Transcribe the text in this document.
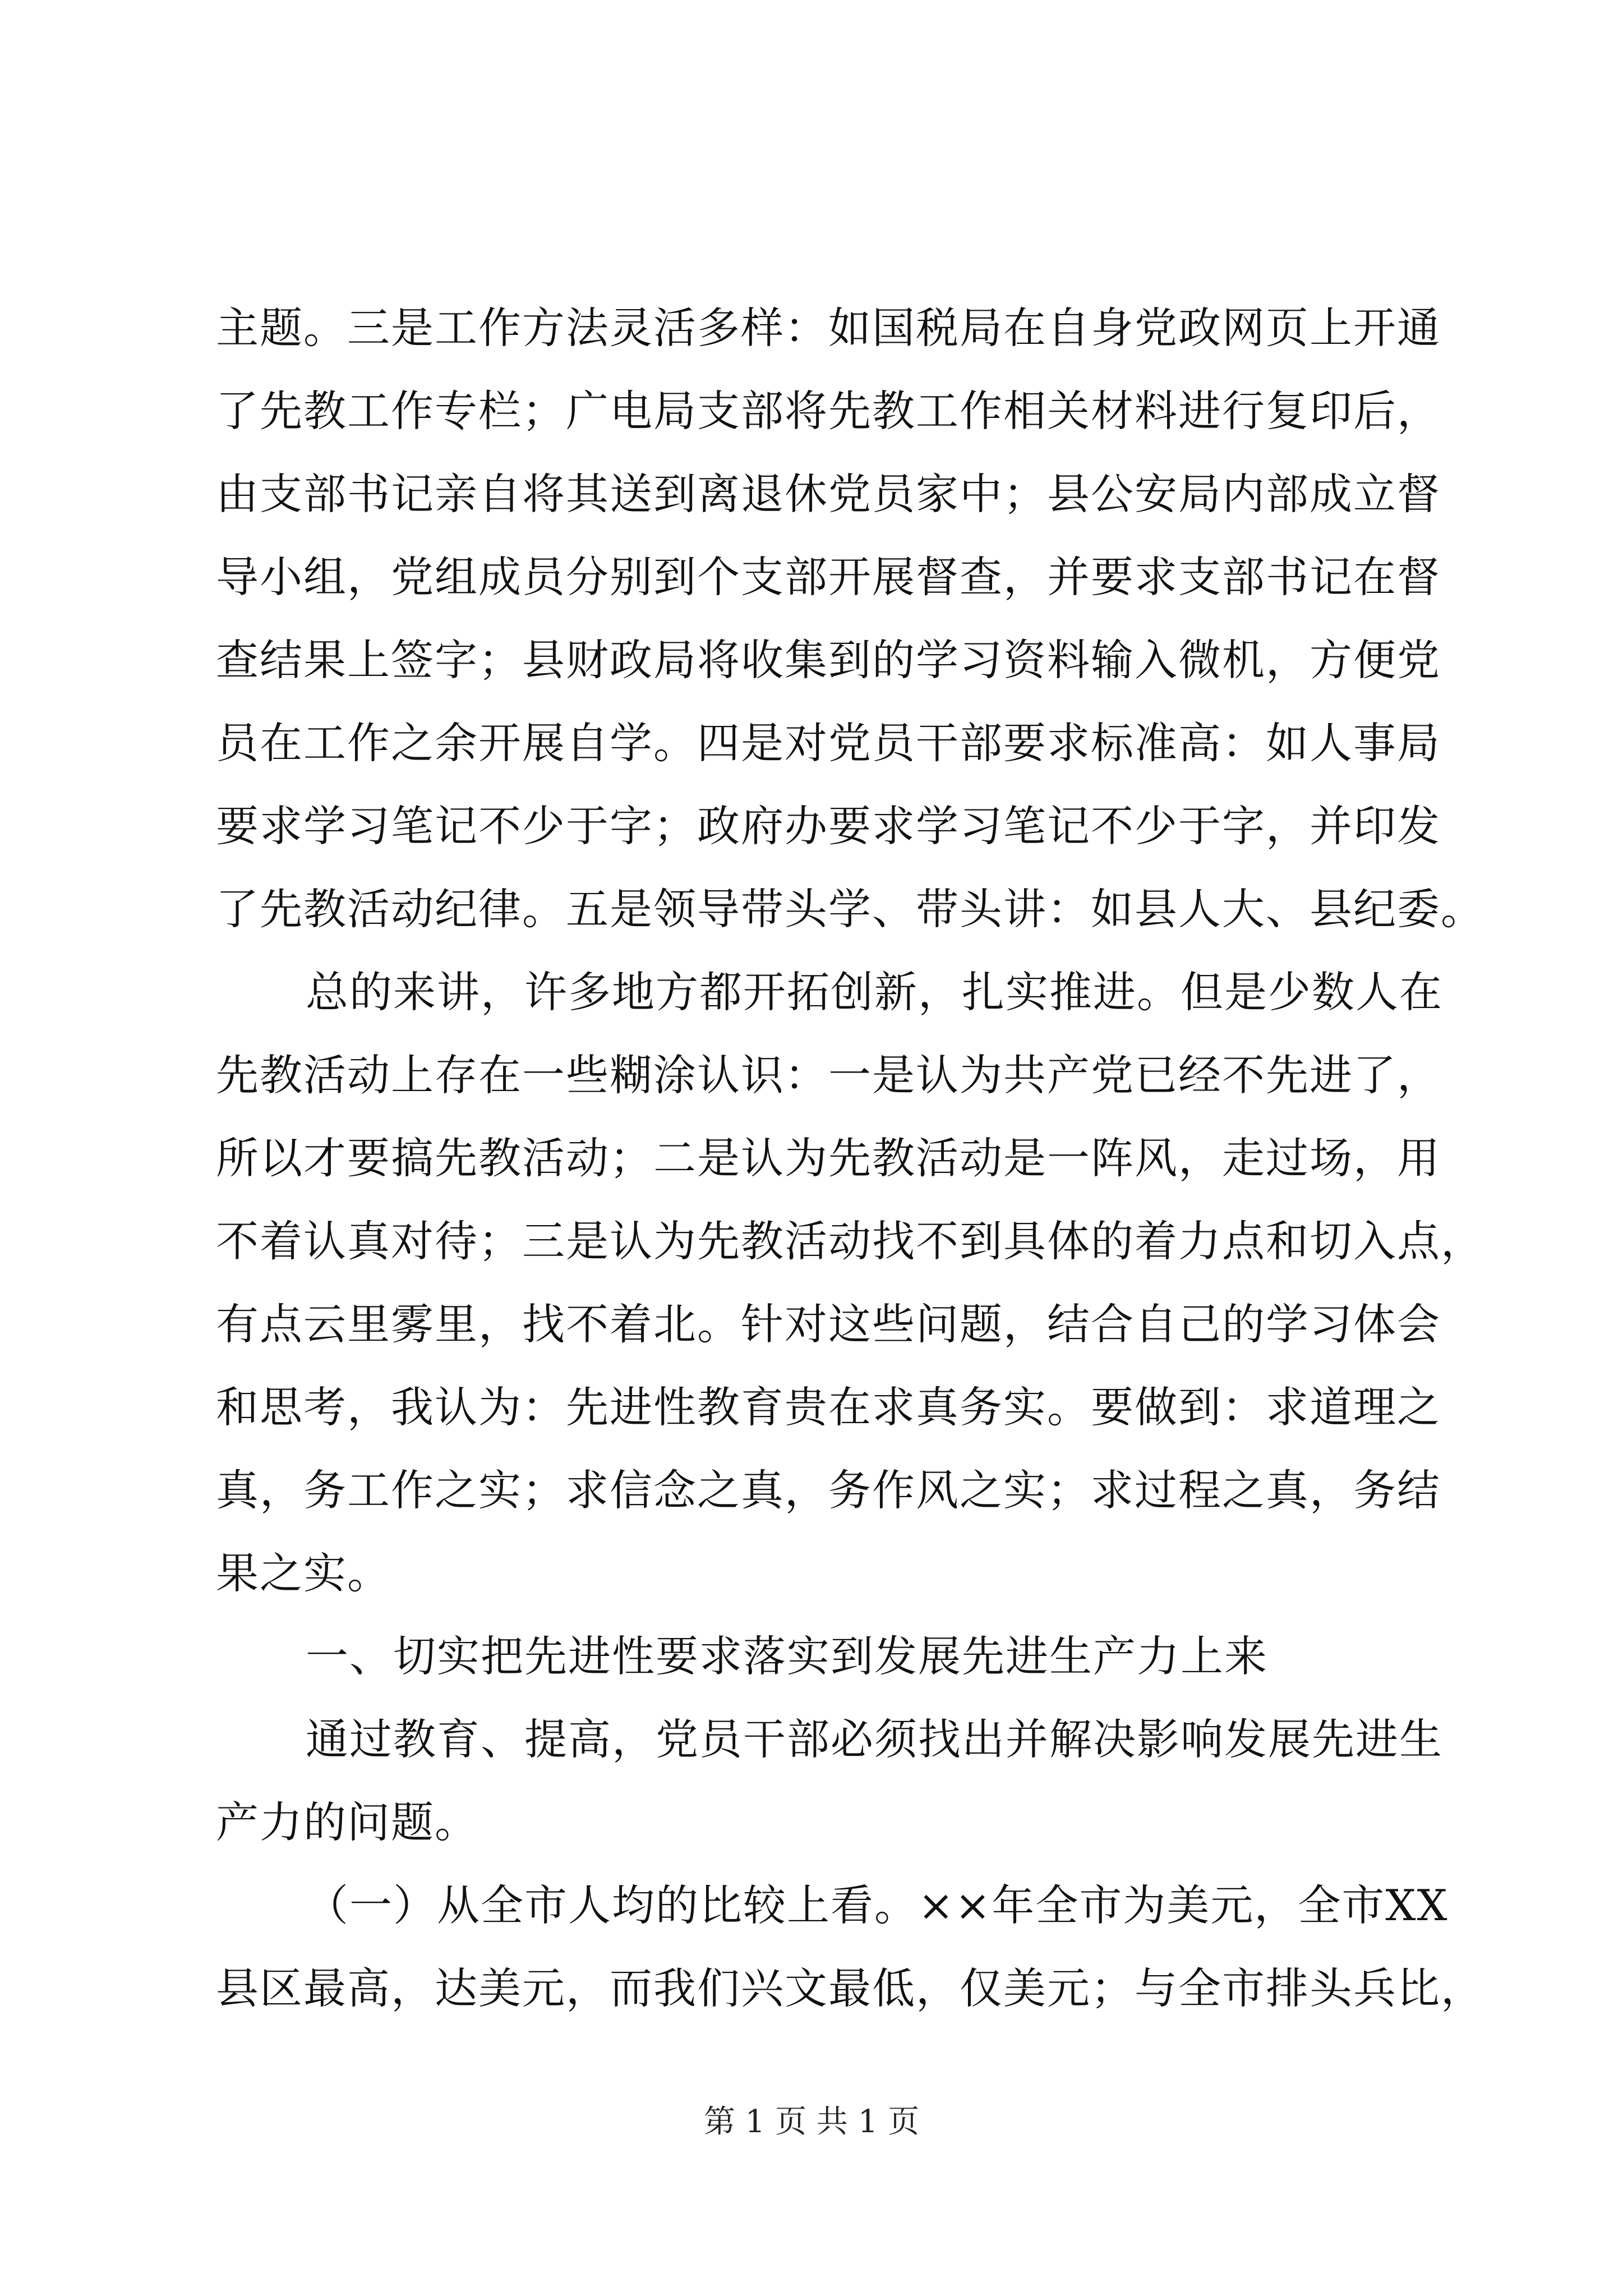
主题。三是工作方法灵活多样：如国税局在自身党政网页上开通
了先教工作专栏；广电局支部将先教工作相关材料进行复印后，
由支部书记亲自将其送到离退休党员家中；县公安局内部成立督
导小组，党组成员分别到个支部开展督查，并要求支部书记在督
查结果上签字；县财政局将收集到的学习资料输入微机，方便党
员在工作之余开展自学。四是对党员干部要求标准高：如人事局
要求学习笔记不少于字；政府办要求学习笔记不少于字，并印发
了先教活动纪律。五是领导带头学、带头讲：如县人大、县纪委。
总的来讲，许多地方都开拓创新，扎实推进。但是少数人在
先教活动上存在一些糊涂认识：一是认为共产党已经不先进了，
所以才要搞先教活动；二是认为先教活动是一阵风，走过场，用
不着认真对待；三是认为先教活动找不到具体的着力点和切入点，
有点云里雾里，找不着北。针对这些问题，结合自己的学习体会
和思考，我认为：先进性教育贵在求真务实。要做到：求道理之
真，务工作之实；求信念之真，务作风之实；求过程之真，务结
果之实。
一、切实把先进性要求落实到发展先进生产力上来
通过教育、提高，党员干部必须找出并解决影响发展先进生
产力的问题。
（一）从全市人均的比较上看。××年全市为美元，全市XX
县区最高，达美元，而我们兴文最低，仅美元；与全市排头兵比，
第 1 页 共 1 页
